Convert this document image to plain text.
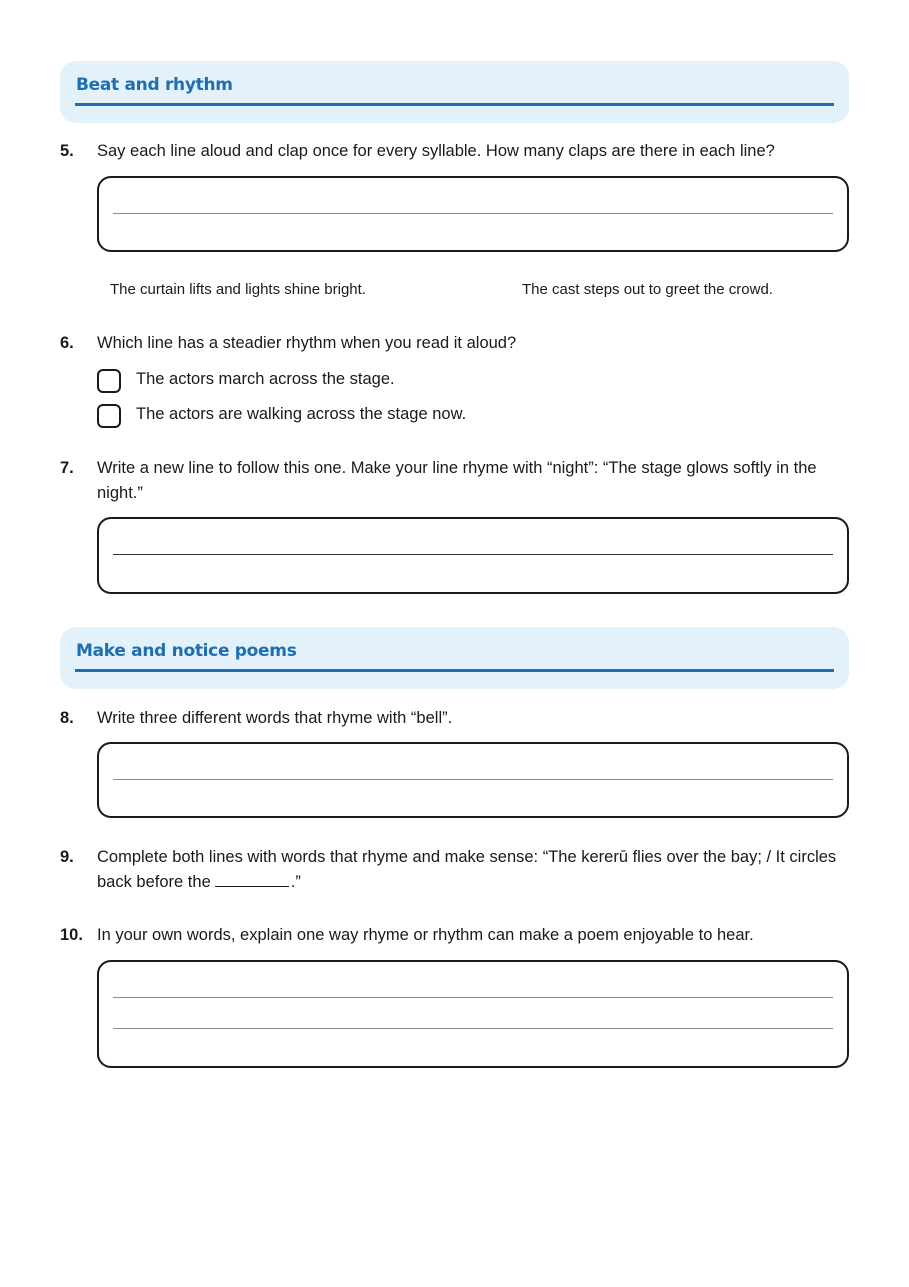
Beat and rhythm
5. Say each line aloud and clap once for every syllable. How many claps are there in each line?
The curtain lifts and lights shine bright.	The cast steps out to greet the crowd.
6. Which line has a steadier rhythm when you read it aloud?
The actors march across the stage.
The actors are walking across the stage now.
7. Write a new line to follow this one. Make your line rhyme with “night”: “The stage glows softly in the night.”
Make and notice poems
8. Write three different words that rhyme with “bell”.
9. Complete both lines with words that rhyme and make sense: “The kererū flies over the bay; / It circles back before the	.”
10. In your own words, explain one way rhyme or rhythm can make a poem enjoyable to hear.
